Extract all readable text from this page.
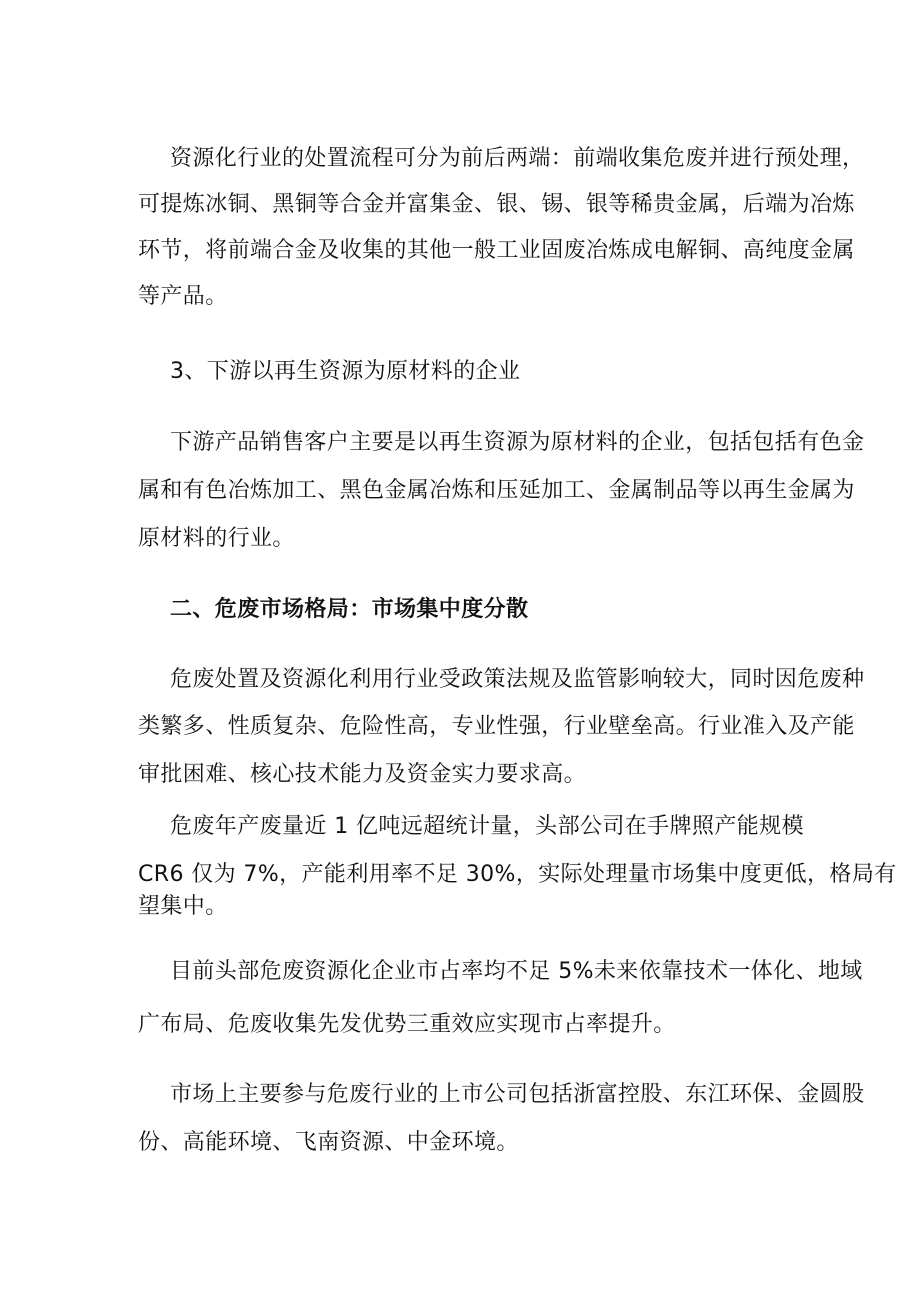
资源化行业的处置流程可分为前后两端：前端收集危废并进行预处理，
可提炼冰铜、黑铜等合金并富集金、银、锡、银等稀贵金属，后端为冶炼
环节，将前端合金及收集的其他一般工业固废冶炼成电解铜、高纯度金属
等产品。
3、下游以再生资源为原材料的企业
下游产品销售客户主要是以再生资源为原材料的企业，包括包括有色金
属和有色冶炼加工、黑色金属冶炼和压延加工、金属制品等以再生金属为
原材料的行业。
二、危废市场格局：市场集中度分散
危废处置及资源化利用行业受政策法规及监管影响较大，同时因危废种
类繁多、性质复杂、危险性高，专业性强，行业壁垒高。行业准入及产能
审批困难、核心技术能力及资金实力要求高。
危废年产废量近 1 亿吨远超统计量，头部公司在手牌照产能规模
CR6 仅为 7%，产能利用率不足 30%，实际处理量市场集中度更低，格局有
望集中。
目前头部危废资源化企业市占率均不足 5%未来依靠技术一体化、地域
广布局、危废收集先发优势三重效应实现市占率提升。
市场上主要参与危废行业的上市公司包括浙富控股、东江环保、金圆股
份、高能环境、飞南资源、中金环境。
